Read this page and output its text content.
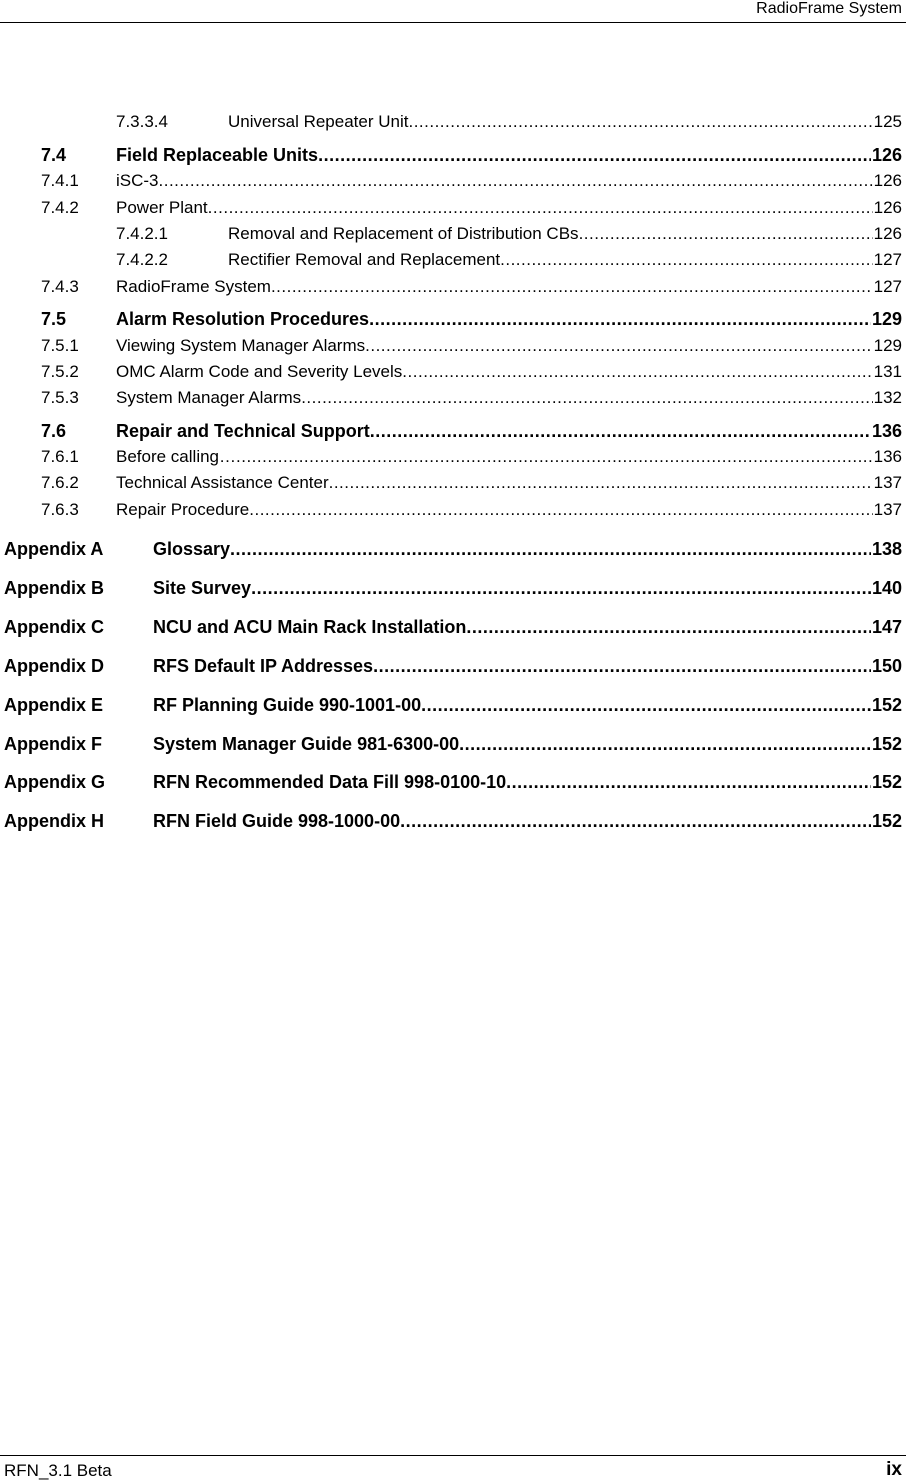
RadioFrame System
7.3.3.4	Universal Repeater Unit .....	125
7.4	Field Replaceable Units .....	126
7.4.1	iSC-3 .....	126
7.4.2	Power Plant .....	126
7.4.2.1	Removal and Replacement of Distribution CBs .....	126
7.4.2.2	Rectifier Removal and Replacement .....	127
7.4.3	RadioFrame System .....	127
7.5	Alarm Resolution Procedures .....	129
7.5.1	Viewing System Manager Alarms .....	129
7.5.2	OMC Alarm Code and Severity Levels .....	131
7.5.3	System Manager Alarms .....	132
7.6	Repair and Technical Support .....	136
7.6.1	Before calling… .....	136
7.6.2	Technical Assistance Center .....	137
7.6.3	Repair Procedure .....	137
Appendix A	Glossary .....	138
Appendix B	Site Survey .....	140
Appendix C	NCU and ACU Main Rack Installation .....	147
Appendix D	RFS Default IP Addresses .....	150
Appendix E	RF Planning Guide 990-1001-00 .....	152
Appendix F	System Manager Guide 981-6300-00 .....	152
Appendix G	RFN Recommended Data Fill 998-0100-10 .....	152
Appendix H	RFN Field Guide 998-1000-00 .....	152
RFN_3.1 Beta	ix
